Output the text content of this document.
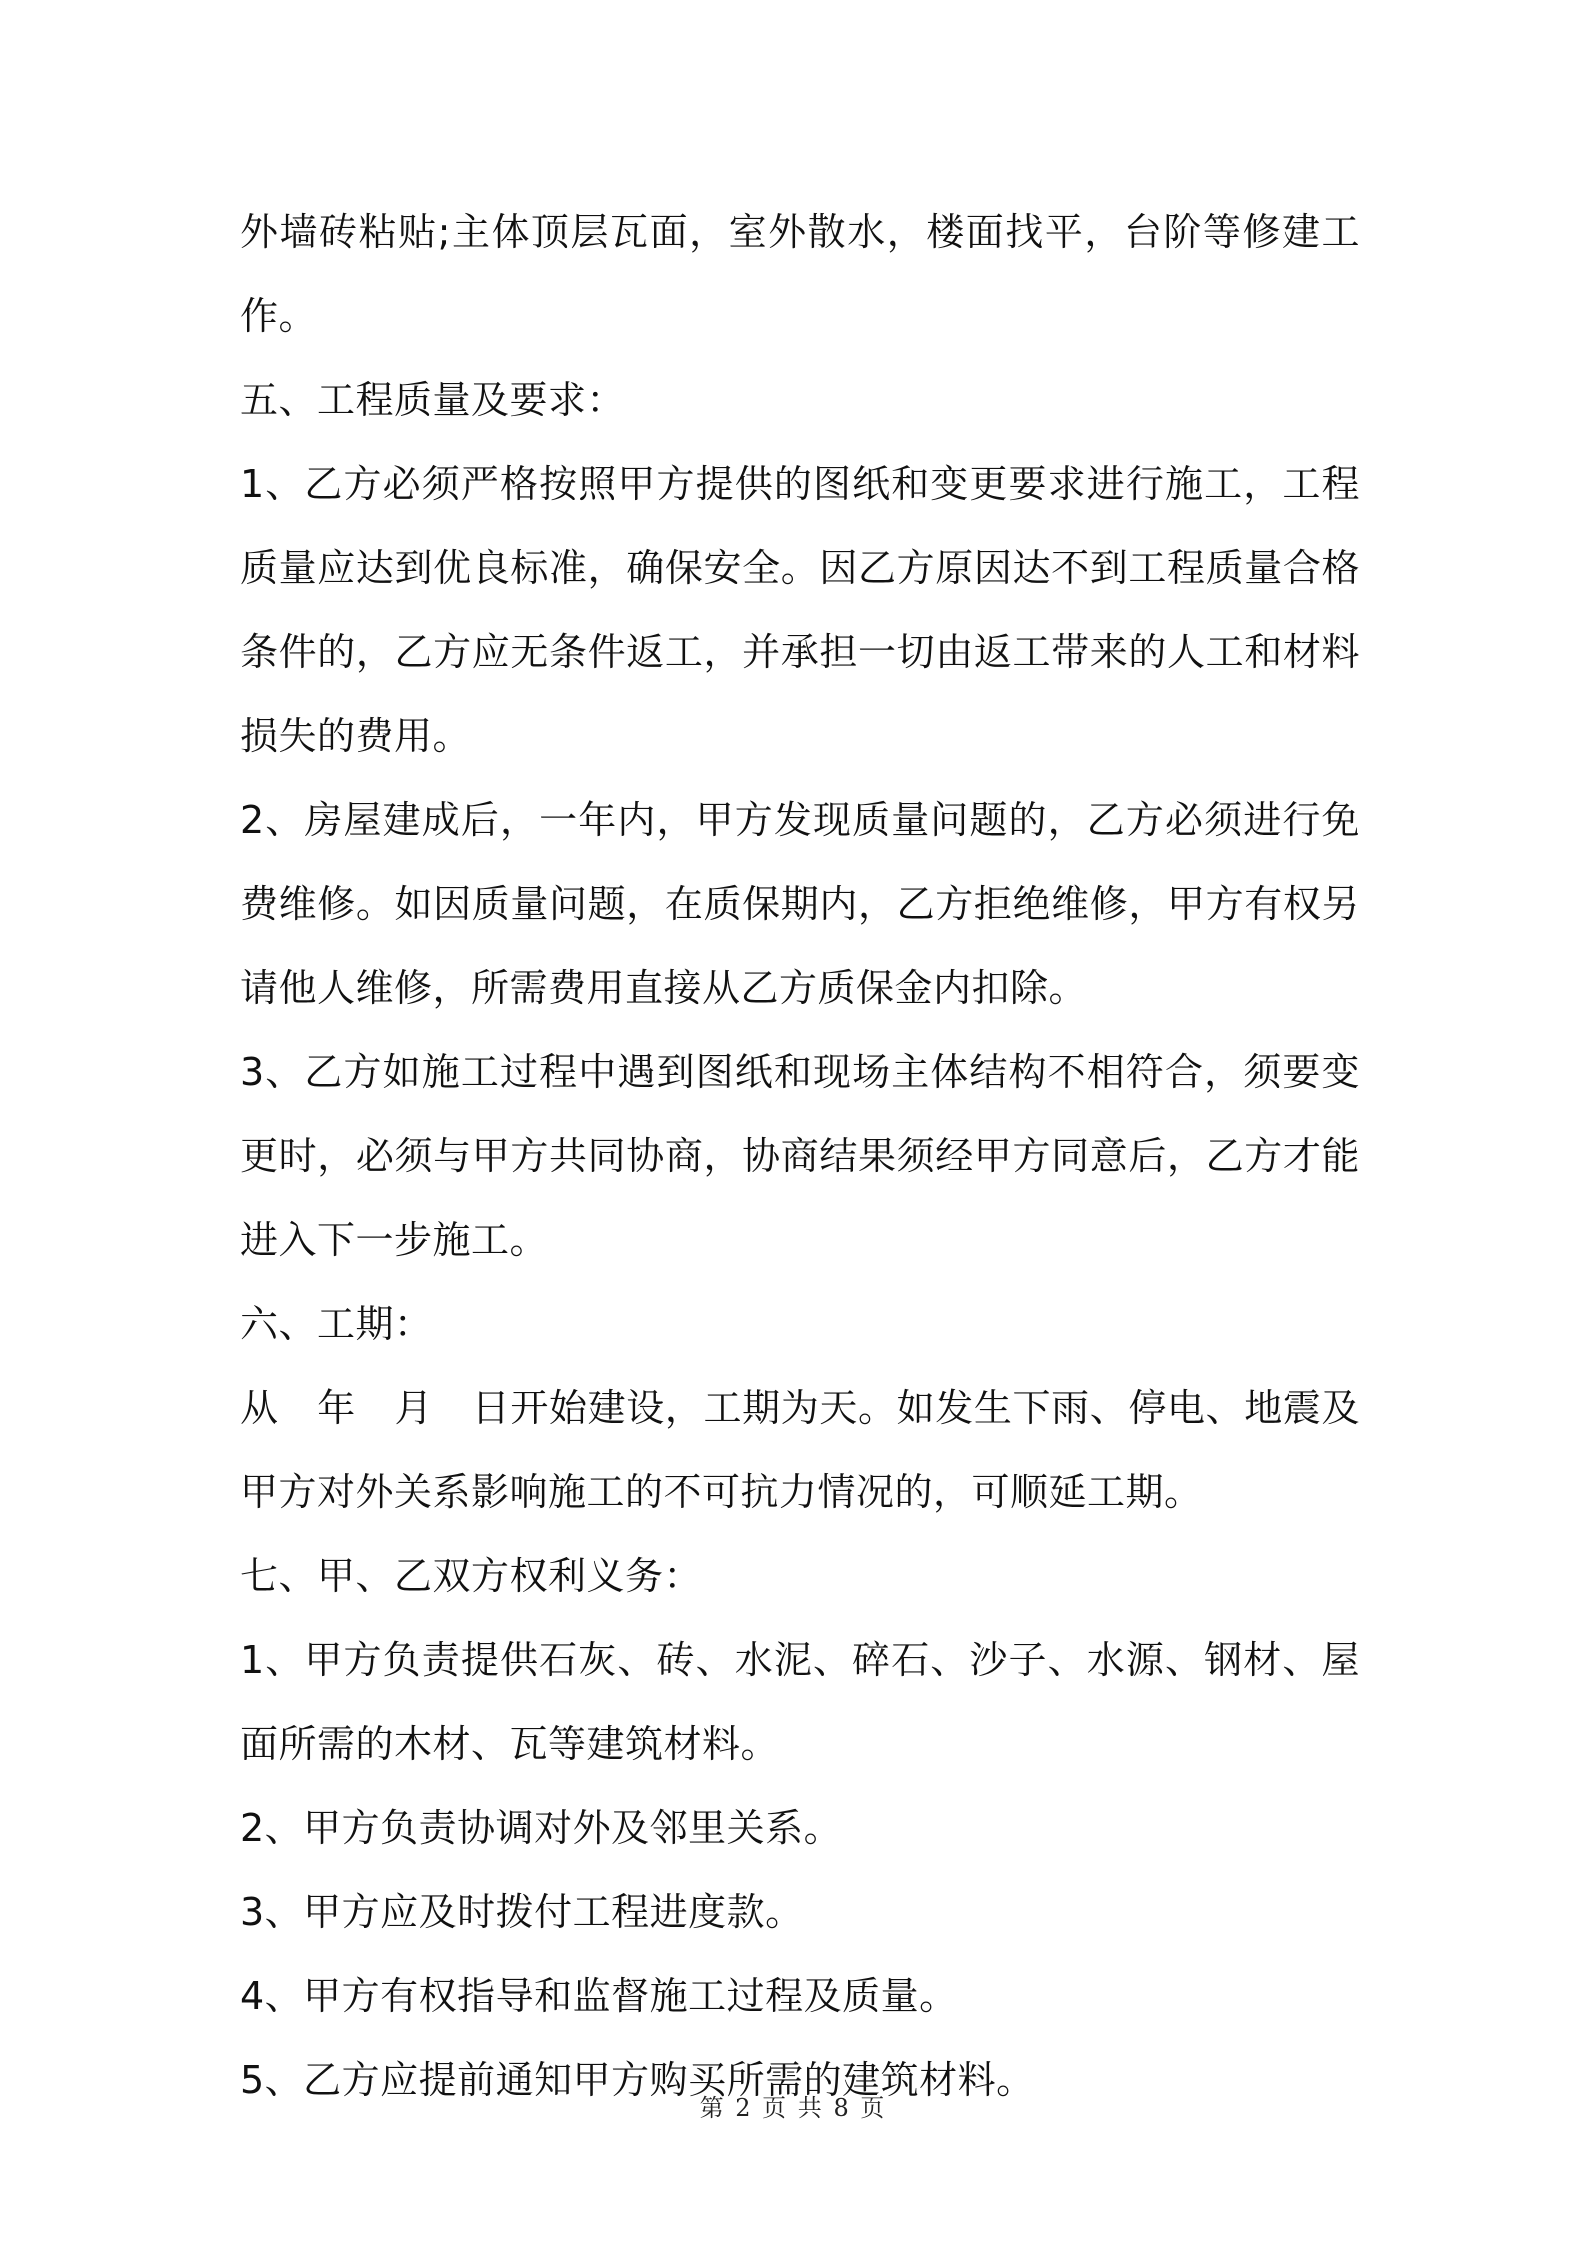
外墙砖粘贴;主体顶层瓦面，室外散水，楼面找平，台阶等修建工作。

五、工程质量及要求：

1、乙方必须严格按照甲方提供的图纸和变更要求进行施工，工程质量应达到优良标准，确保安全。因乙方原因达不到工程质量合格条件的，乙方应无条件返工，并承担一切由返工带来的人工和材料损失的费用。

2、房屋建成后，一年内，甲方发现质量问题的，乙方必须进行免费维修。如因质量问题，在质保期内，乙方拒绝维修，甲方有权另请他人维修，所需费用直接从乙方质保金内扣除。

3、乙方如施工过程中遇到图纸和现场主体结构不相符合，须要变更时，必须与甲方共同协商，协商结果须经甲方同意后，乙方才能进入下一步施工。

六、工期：

从　年　月　日开始建设，工期为天。如发生下雨、停电、地震及甲方对外关系影响施工的不可抗力情况的，可顺延工期。

七、甲、乙双方权利义务：

1、甲方负责提供石灰、砖、水泥、碎石、沙子、水源、钢材、屋面所需的木材、瓦等建筑材料。

2、甲方负责协调对外及邻里关系。

3、甲方应及时拨付工程进度款。

4、甲方有权指导和监督施工过程及质量。

5、乙方应提前通知甲方购买所需的建筑材料。

第 2 页 共 8 页
